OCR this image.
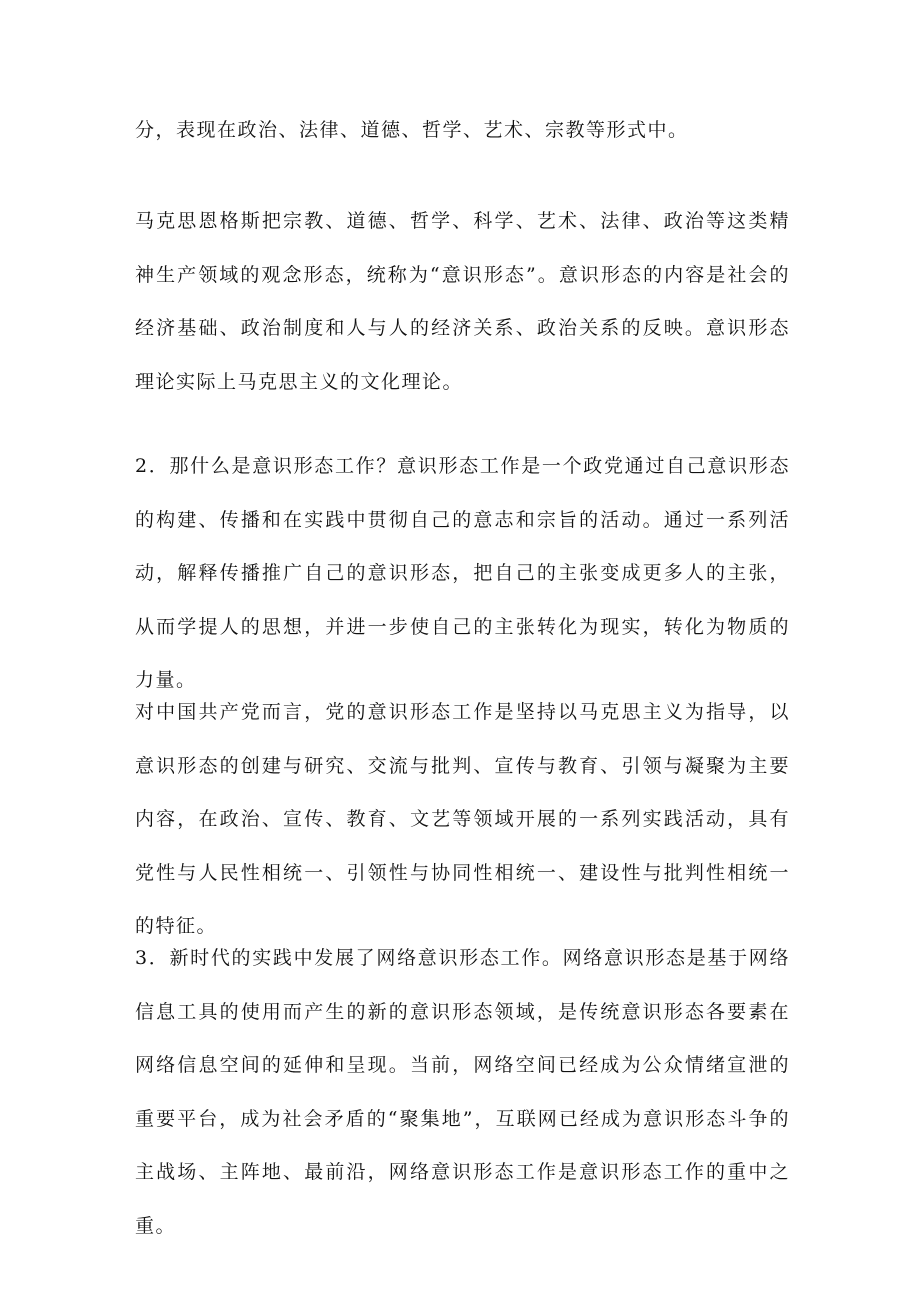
分，表现在政治、法律、道德、哲学、艺术、宗教等形式中。

马克思恩格斯把宗教、道德、哲学、科学、艺术、法律、政治等这类精神生产领域的观念形态，统称为“意识形态”。意识形态的内容是社会的经济基础、政治制度和人与人的经济关系、政治关系的反映。意识形态理论实际上马克思主义的文化理论。

2．那什么是意识形态工作？意识形态工作是一个政党通过自己意识形态的构建、传播和在实践中贯彻自己的意志和宗旨的活动。通过一系列活动，解释传播推广自己的意识形态，把自己的主张变成更多人的主张，从而学提人的思想，并进一步使自己的主张转化为现实，转化为物质的力量。

对中国共产党而言，党的意识形态工作是坚持以马克思主义为指导，以意识形态的创建与研究、交流与批判、宣传与教育、引领与凝聚为主要内容，在政治、宣传、教育、文艺等领域开展的一系列实践活动，具有党性与人民性相统一、引领性与协同性相统一、建设性与批判性相统一的特征。

3．新时代的实践中发展了网络意识形态工作。网络意识形态是基于网络信息工具的使用而产生的新的意识形态领域，是传统意识形态各要素在网络信息空间的延伸和呈现。当前，网络空间已经成为公众情绪宣泄的重要平台，成为社会矛盾的“聚集地”，互联网已经成为意识形态斗争的主战场、主阵地、最前沿，网络意识形态工作是意识形态工作的重中之重。
